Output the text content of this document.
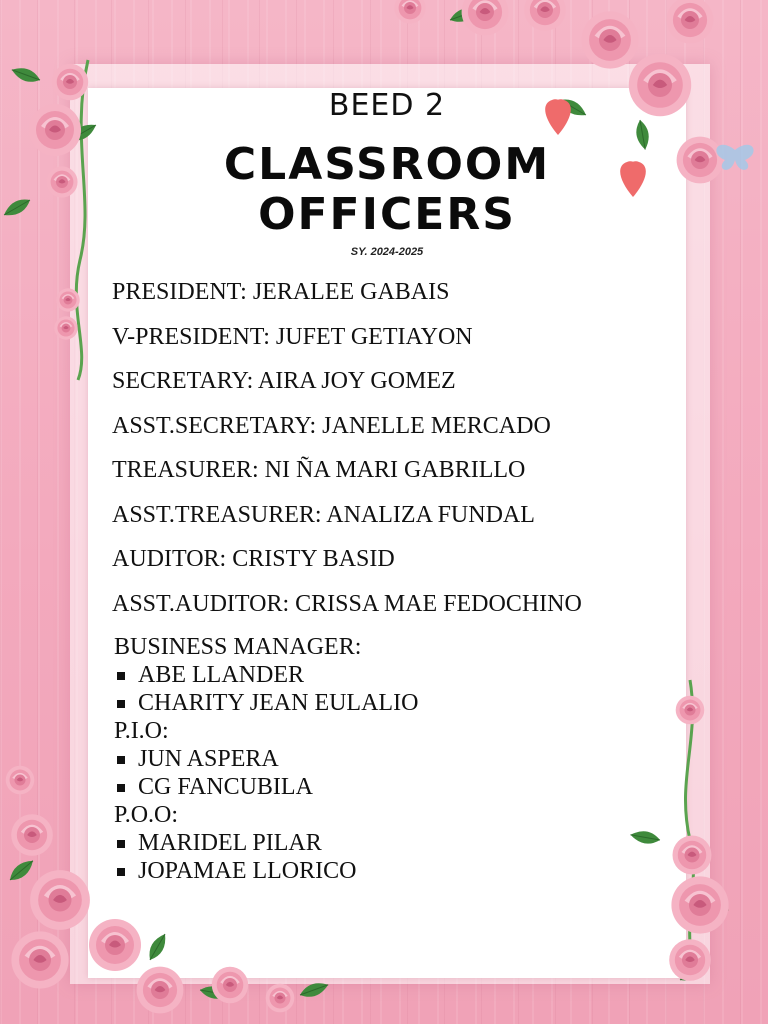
BEED 2
CLASSROOM
OFFICERS
SY. 2024-2025
PRESIDENT: JERALEE GABAIS
V-PRESIDENT: JUFET GETIAYON
SECRETARY: AIRA JOY GOMEZ
ASST.SECRETARY: JANELLE MERCADO
TREASURER: NI ÑA MARI GABRILLO
ASST.TREASURER: ANALIZA FUNDAL
AUDITOR: CRISTY BASID
ASST.AUDITOR: CRISSA MAE FEDOCHINO
BUSINESS MANAGER:
ABE LLANDER
CHARITY JEAN EULALIO
P.I.O:
JUN ASPERA
CG FANCUBILA
P.O.O:
MARIDEL PILAR
JOPAMAE LLORICO
